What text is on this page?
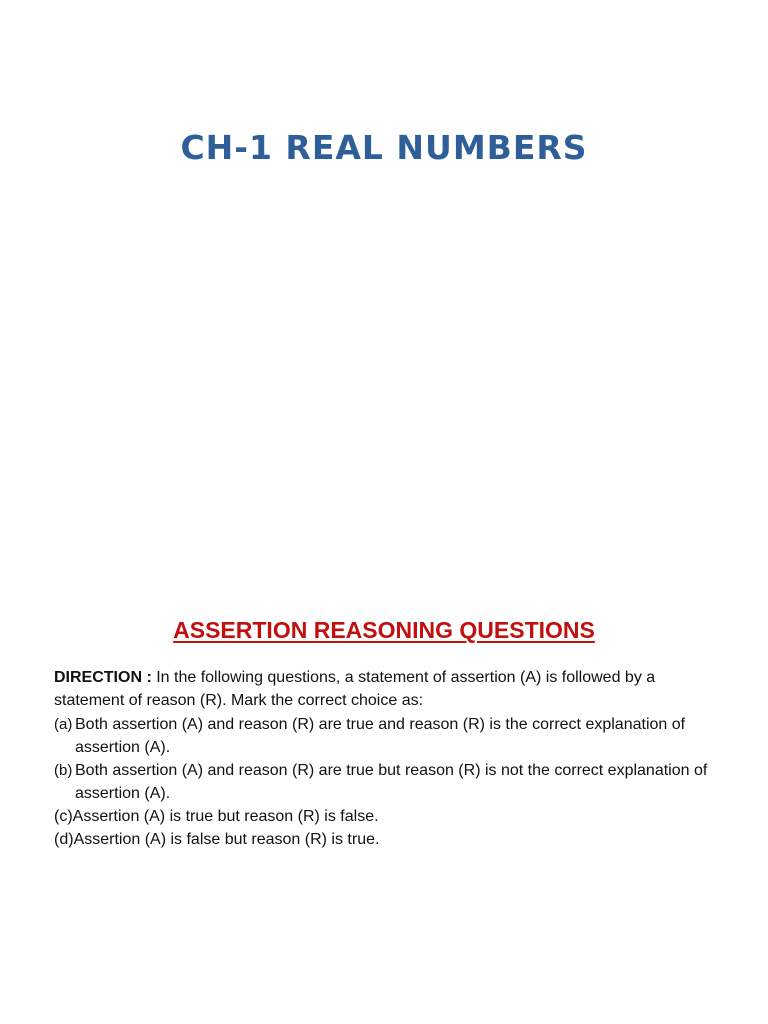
CH-1 REAL NUMBERS
ASSERTION REASONING QUESTIONS

DIRECTION : In the following questions, a statement of assertion (A) is followed by a statement of reason (R). Mark the correct choice as:

(a) Both assertion (A) and reason (R) are true and reason (R) is the correct explanation of assertion (A).
(b) Both assertion (A) and reason (R) are true but reason (R) is not the correct explanation of assertion (A).
(c)Assertion (A) is true but reason (R) is false.
(d)Assertion (A) is false but reason (R) is true.
